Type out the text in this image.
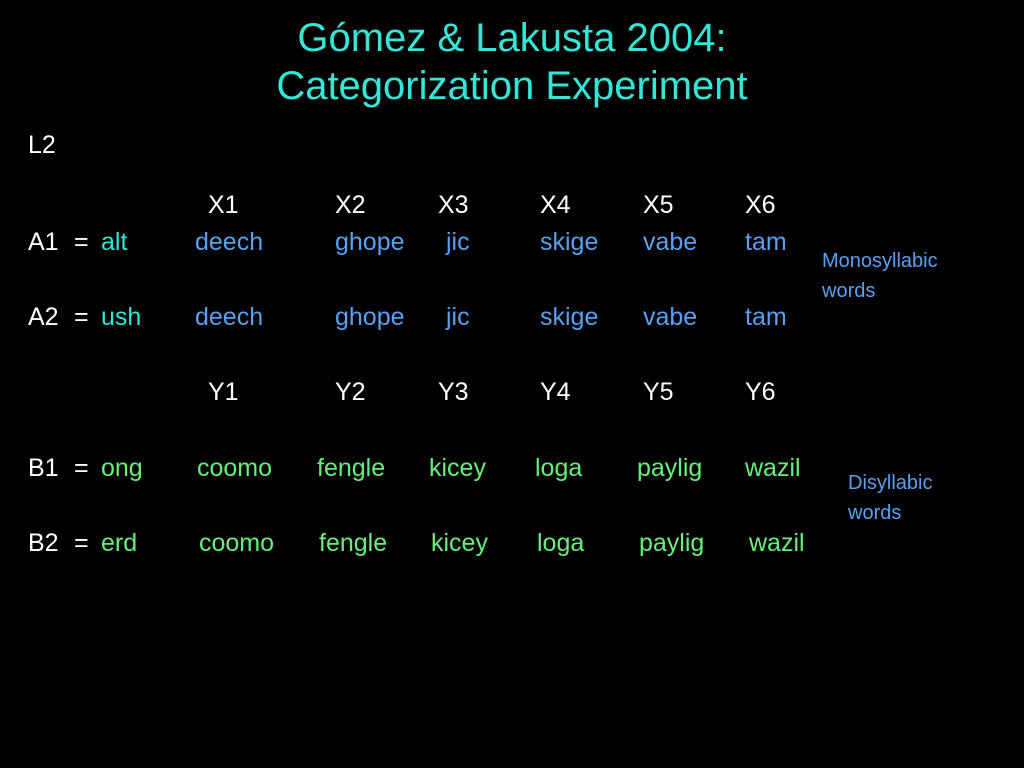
Gómez & Lakusta 2004:
Categorization Experiment
L2
X1	X2	X3	X4	X5	X6
A1 = alt	deech	ghope jic	skige vabe tam
A2 = ush deech	ghope jic	skige vabe tam
Monosyllabic
words
Y1	Y2	Y3	Y4	Y5	Y6
B1 = ong coomo fengle kicey loga paylig wazil
B2 = erd coomo fengle kicey loga paylig wazil
Disyllabic
words
